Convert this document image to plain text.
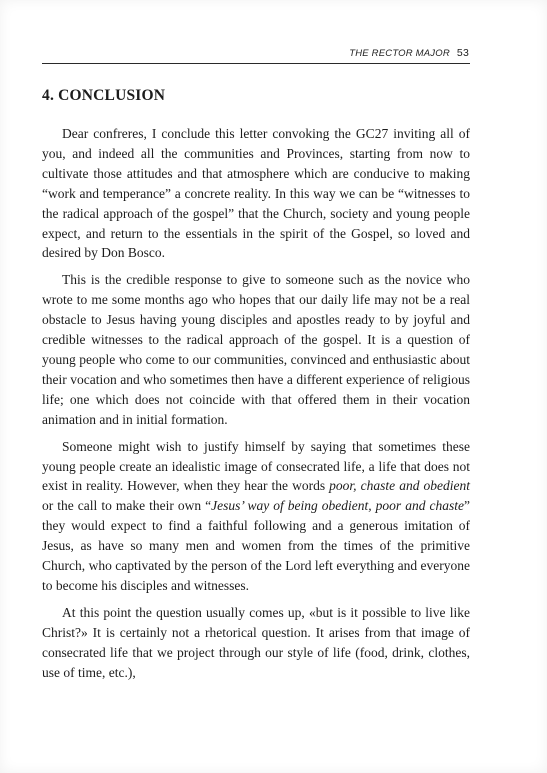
THE RECTOR MAJOR 53
4. CONCLUSION

Dear confreres, I conclude this letter convoking the GC27 inviting all of you, and indeed all the communities and Provinces, starting from now to cultivate those attitudes and that atmosphere which are conducive to making “work and temperance” a concrete reality. In this way we can be “witnesses to the radical approach of the gospel” that the Church, society and young people expect, and return to the essentials in the spirit of the Gospel, so loved and desired by Don Bosco.

This is the credible response to give to someone such as the novice who wrote to me some months ago who hopes that our daily life may not be a real obstacle to Jesus having young disciples and apostles ready to by joyful and credible witnesses to the radical approach of the gospel. It is a question of young people who come to our communities, convinced and enthusiastic about their vocation and who sometimes then have a different experience of religious life; one which does not coincide with that offered them in their vocation animation and in initial formation.

Someone might wish to justify himself by saying that sometimes these young people create an idealistic image of consecrated life, a life that does not exist in reality. However, when they hear the words poor, chaste and obedient or the call to make their own “Jesus’ way of being obedient, poor and chaste” they would expect to find a faithful following and a generous imitation of Jesus, as have so many men and women from the times of the primitive Church, who captivated by the person of the Lord left everything and everyone to become his disciples and witnesses.

At this point the question usually comes up, «but is it possible to live like Christ?» It is certainly not a rhetorical question. It arises from that image of consecrated life that we project through our style of life (food, drink, clothes, use of time, etc.),
